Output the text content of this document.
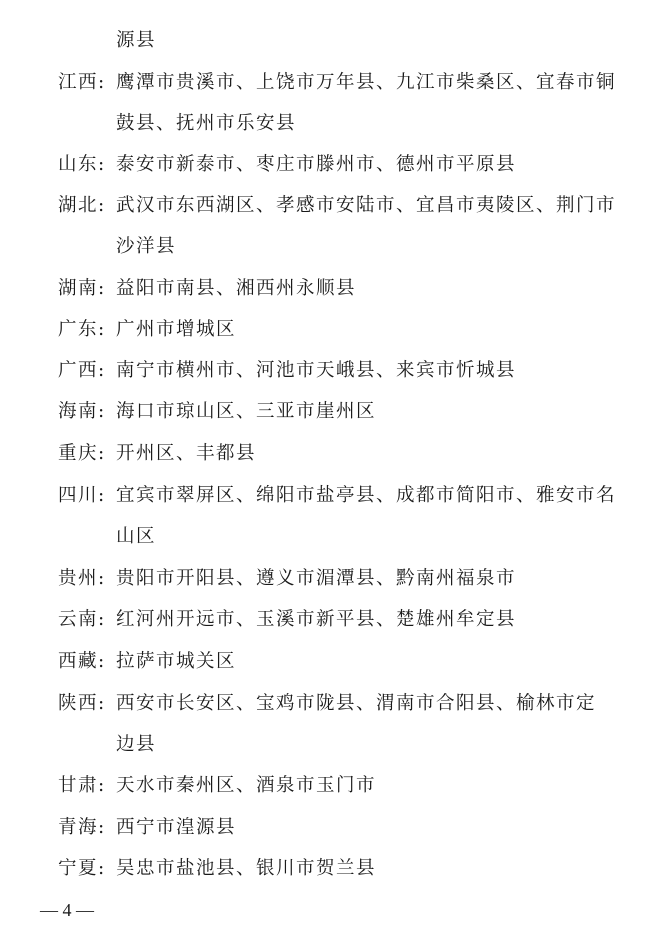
源县
江西: 鹰潭市贵溪市、上饶市万年县、九江市柴桑区、宜春市铜
鼓县、抚州市乐安县
山东: 泰安市新泰市、枣庄市滕州市、德州市平原县
湖北: 武汉市东西湖区、孝感市安陆市、宜昌市夷陵区、荆门市
沙洋县
湖南: 益阳市南县、湘西州永顺县
广东: 广州市增城区
广西: 南宁市横州市、河池市天峨县、来宾市忻城县
海南: 海口市琼山区、三亚市崖州区
重庆: 开州区、丰都县
四川: 宜宾市翠屏区、绵阳市盐亭县、成都市简阳市、雅安市名
山区
贵州: 贵阳市开阳县、遵义市湄潭县、黔南州福泉市
云南: 红河州开远市、玉溪市新平县、楚雄州牟定县
西藏: 拉萨市城关区
陕西: 西安市长安区、宝鸡市陇县、渭南市合阳县、榆林市定
边县
甘肃: 天水市秦州区、酒泉市玉门市
青海: 西宁市湟源县
宁夏: 吴忠市盐池县、银川市贺兰县
— 4 —
